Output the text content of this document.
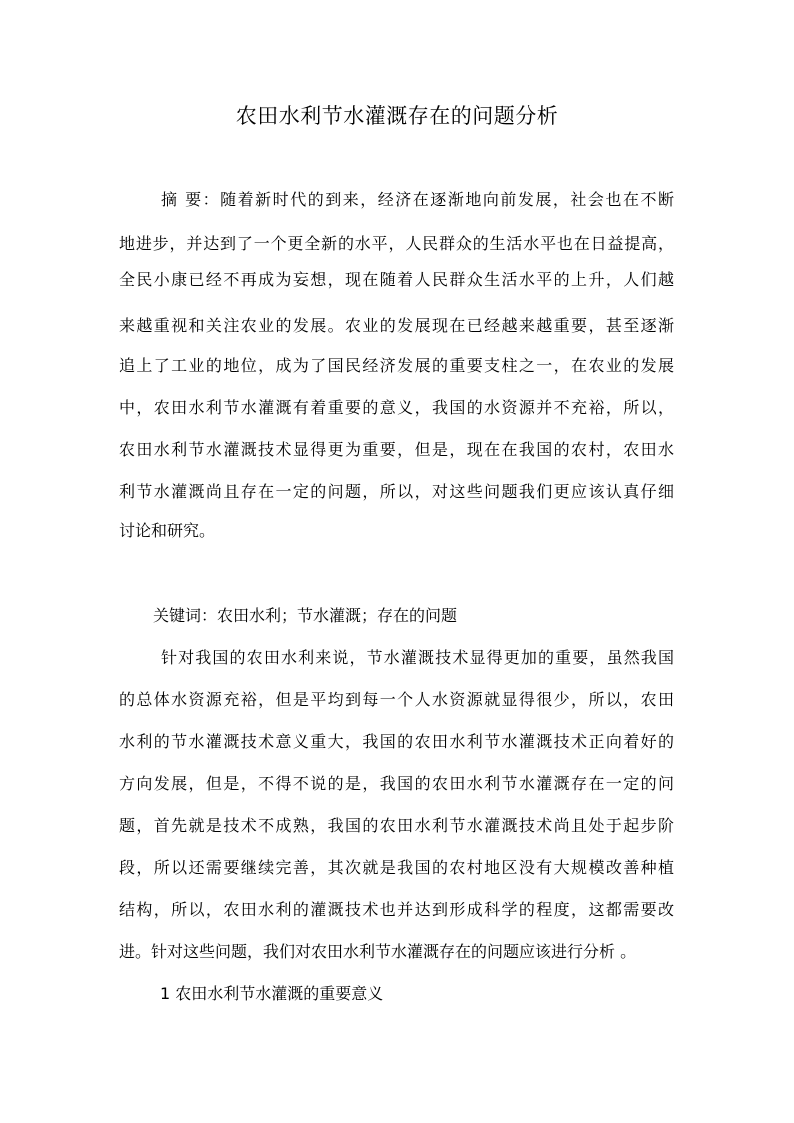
农田水利节水灌溉存在的问题分析
摘 要：随着新时代的到来，经济在逐渐地向前发展，社会也在不断
地进步，并达到了一个更全新的水平，人民群众的生活水平也在日益提高，
全民小康已经不再成为妄想，现在随着人民群众生活水平的上升，人们越
来越重视和关注农业的发展。农业的发展现在已经越来越重要，甚至逐渐
追上了工业的地位，成为了国民经济发展的重要支柱之一，在农业的发展
中，农田水利节水灌溉有着重要的意义，我国的水资源并不充裕，所以，
农田水利节水灌溉技术显得更为重要，但是，现在在我国的农村，农田水
利节水灌溉尚且存在一定的问题，所以，对这些问题我们更应该认真仔细
讨论和研究。
关键词：农田水利；节水灌溉；存在的问题
针对我国的农田水利来说，节水灌溉技术显得更加的重要，虽然我国
的总体水资源充裕，但是平均到每一个人水资源就显得很少，所以，农田
水利的节水灌溉技术意义重大，我国的农田水利节水灌溉技术正向着好的
方向发展，但是，不得不说的是，我国的农田水利节水灌溉存在一定的问
题，首先就是技术不成熟，我国的农田水利节水灌溉技术尚且处于起步阶
段，所以还需要继续完善，其次就是我国的农村地区没有大规模改善种植
结构，所以，农田水利的灌溉技术也并达到形成科学的程度，这都需要改
进。针对这些问题，我们对农田水利节水灌溉存在的问题应该进行分析 。
1 农田水利节水灌溉的重要意义
